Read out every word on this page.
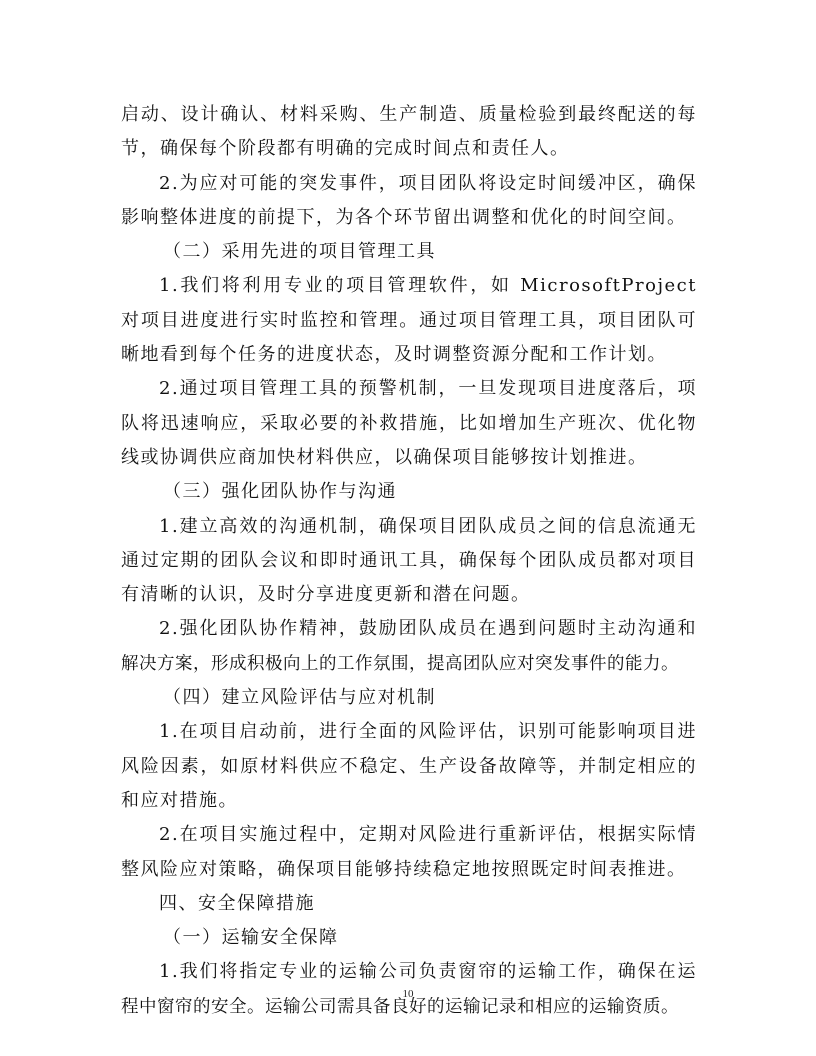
启动、设计确认、材料采购、生产制造、质量检验到最终配送的每
节，确保每个阶段都有明确的完成时间点和责任人。
2.为应对可能的突发事件，项目团队将设定时间缓冲区，确保
影响整体进度的前提下，为各个环节留出调整和优化的时间空间。
（二）采用先进的项目管理工具
1.我们将利用专业的项目管理软件，如 MicrosoftProject
对项目进度进行实时监控和管理。通过项目管理工具，项目团队可
晰地看到每个任务的进度状态，及时调整资源分配和工作计划。
2.通过项目管理工具的预警机制，一旦发现项目进度落后，项
队将迅速响应，采取必要的补救措施，比如增加生产班次、优化物
线或协调供应商加快材料供应，以确保项目能够按计划推进。
（三）强化团队协作与沟通
1.建立高效的沟通机制，确保项目团队成员之间的信息流通无
通过定期的团队会议和即时通讯工具，确保每个团队成员都对项目
有清晰的认识，及时分享进度更新和潜在问题。
2.强化团队协作精神，鼓励团队成员在遇到问题时主动沟通和
解决方案，形成积极向上的工作氛围，提高团队应对突发事件的能力。
（四）建立风险评估与应对机制
1.在项目启动前，进行全面的风险评估，识别可能影响项目进
风险因素，如原材料供应不稳定、生产设备故障等，并制定相应的
和应对措施。
2.在项目实施过程中，定期对风险进行重新评估，根据实际情
整风险应对策略，确保项目能够持续稳定地按照既定时间表推进。
四、安全保障措施
（一）运输安全保障
1.我们将指定专业的运输公司负责窗帘的运输工作，确保在运
程中窗帘的安全。运输公司需具备良好的运输记录和相应的运输资质。
10
